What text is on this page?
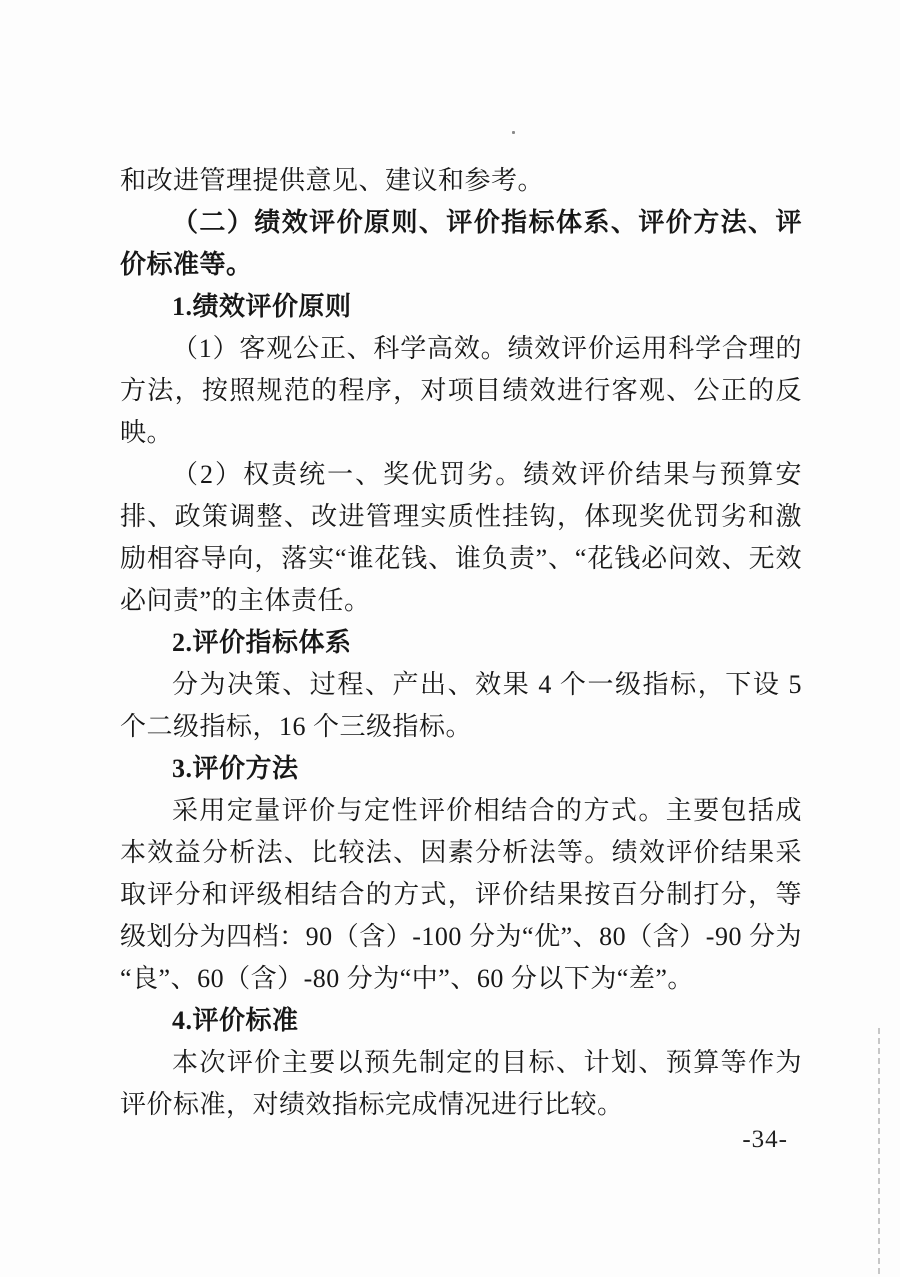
和改进管理提供意见、建议和参考。

（二）绩效评价原则、评价指标体系、评价方法、评价标准等。

1.绩效评价原则

（1）客观公正、科学高效。绩效评价运用科学合理的方法，按照规范的程序，对项目绩效进行客观、公正的反映。

（2）权责统一、奖优罚劣。绩效评价结果与预算安排、政策调整、改进管理实质性挂钩，体现奖优罚劣和激励相容导向，落实“谁花钱、谁负责”、“花钱必问效、无效必问责”的主体责任。

2.评价指标体系

分为决策、过程、产出、效果 4 个一级指标，下设 5 个二级指标，16 个三级指标。

3.评价方法

采用定量评价与定性评价相结合的方式。主要包括成本效益分析法、比较法、因素分析法等。绩效评价结果采取评分和评级相结合的方式，评价结果按百分制打分，等级划分为四档：90（含）-100 分为“优”、80（含）-90 分为“良”、60（含）-80 分为“中”、60 分以下为“差”。

4.评价标准

本次评价主要以预先制定的目标、计划、预算等作为评价标准，对绩效指标完成情况进行比较。

-34-
